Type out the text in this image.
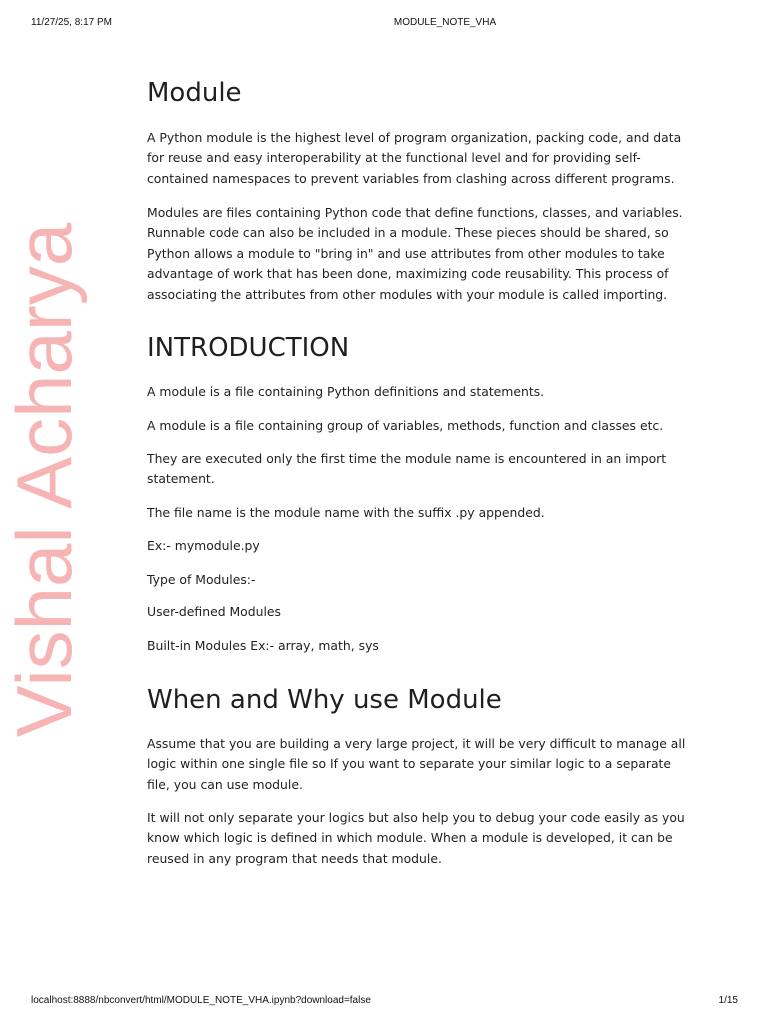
11/27/25, 8:17 PM	MODULE_NOTE_VHA
Vishal Acharya
Module

A Python module is the highest level of program organization, packing code, and data for reuse and easy interoperability at the functional level and for providing self-contained namespaces to prevent variables from clashing across different programs.

Modules are files containing Python code that define functions, classes, and variables. Runnable code can also be included in a module. These pieces should be shared, so Python allows a module to "bring in" and use attributes from other modules to take advantage of work that has been done, maximizing code reusability. This process of associating the attributes from other modules with your module is called importing.

INTRODUCTION

A module is a file containing Python definitions and statements.

A module is a file containing group of variables, methods, function and classes etc.

They are executed only the first time the module name is encountered in an import statement.

The file name is the module name with the suffix .py appended.

Ex:- mymodule.py

Type of Modules:-

User-defined Modules

Built-in Modules Ex:- array, math, sys

When and Why use Module

Assume that you are building a very large project, it will be very difficult to manage all logic within one single file so If you want to separate your similar logic to a separate file, you can use module.

It will not only separate your logics but also help you to debug your code easily as you know which logic is defined in which module. When a module is developed, it can be reused in any program that needs that module.

localhost:8888/nbconvert/html/MODULE_NOTE_VHA.ipynb?download=false	1/15
